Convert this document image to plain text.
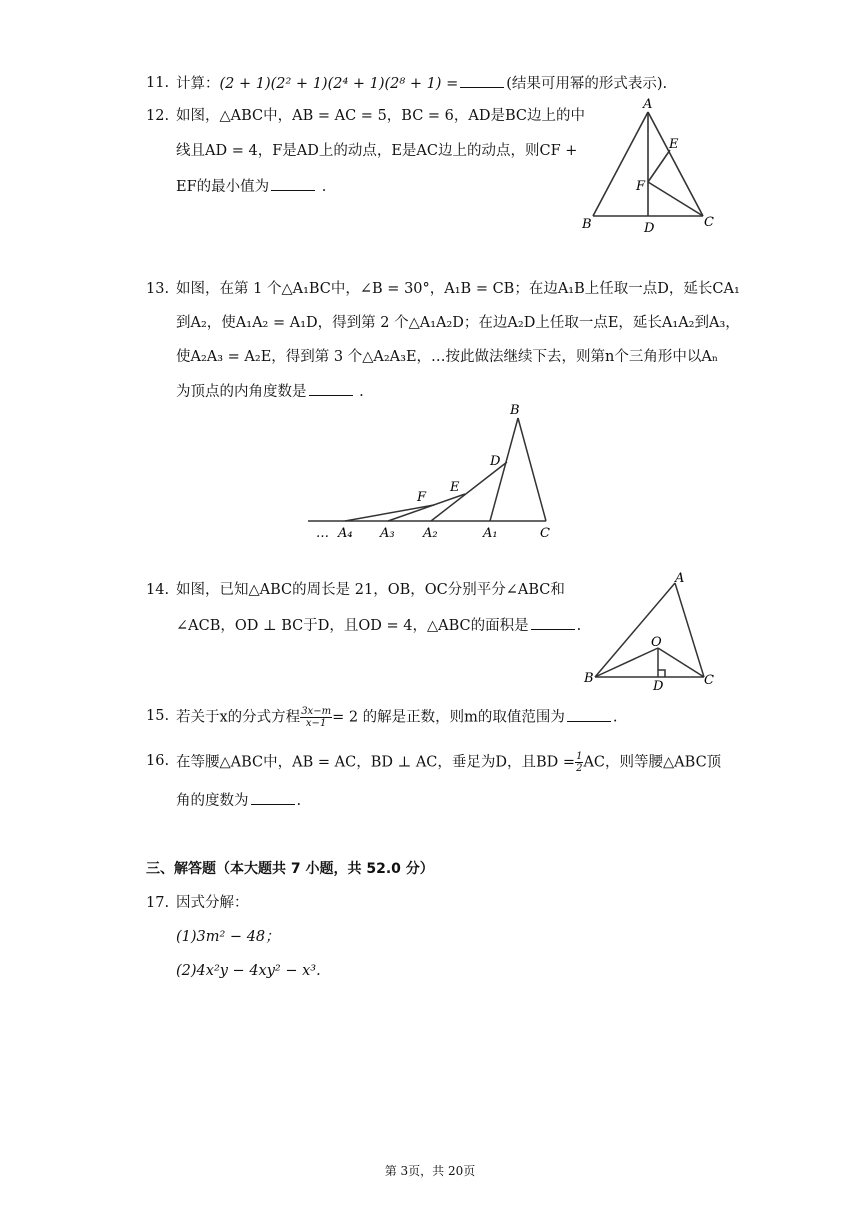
11. 计算：(2 + 1)(2² + 1)(2⁴ + 1)(2⁸ + 1) =	(结果可用幂的形式表示).
12. 如图，△ABC中，AB = AC = 5，BC = 6，AD是BC边上的中
线且AD = 4，F是AD上的动点，E是AC边上的动点，则CF +
EF的最小值为	.
A
E
F
B	D	C
13. 如图，在第 1 个△A₁BC中，∠B = 30°，A₁B = CB；在边A₁B上任取一点D，延长CA₁
到A₂，使A₁A₂ = A₁D，得到第 2 个△A₁A₂D；在边A₂D上任取一点E，延长A₁A₂到A₃，
使A₂A₃ = A₂E，得到第 3 个△A₂A₃E，…按此做法继续下去，则第n个三角形中以Aₙ
为顶点的内角度数是	.
B
D
E
F
… A₄ A₃ A₂	A₁	C
14. 如图，已知△ABC的周长是 21，OB，OC分别平分∠ABC和
∠ACB，OD ⊥ BC于D，且OD = 4，△ABC的面积是	.
A
O
B
D	C
15. 若关于x的分式方程 $\frac{3x-m}{x-1} = 2$ 的解是正数，则m的取值范围为	.
16. 在等腰△ABC中，AB = AC，BD ⊥ AC，垂足为D，且BD = $\frac{1}{2}$ AC，则等腰△ABC顶
角的度数为	.
三、解答题（本大题共 7 小题，共 52.0 分）
17. 因式分解：
(1)3m² − 48；
(2)4x²y − 4xy² − x³.
第 3页，共 20页
